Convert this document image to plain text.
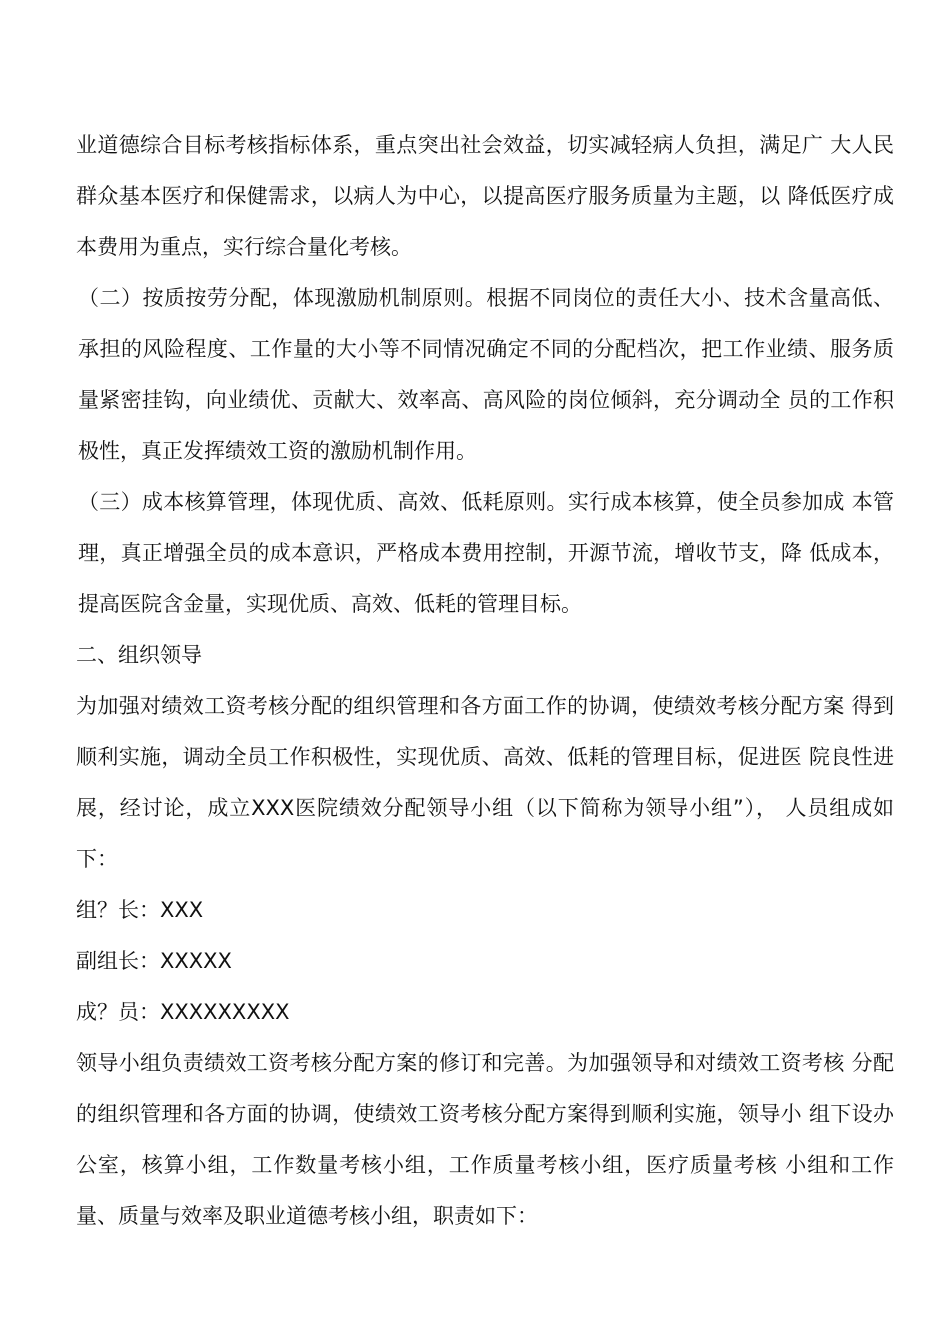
业道德综合目标考核指标体系，重点突出社会效益，切实减轻病人负担，满足广 大人民群众基本医疗和保健需求，以病人为中心，以提高医疗服务质量为主题，以 降低医疗成本费用为重点，实行综合量化考核。

（二）按质按劳分配，体现激励机制原则。根据不同岗位的责任大小、技术含量高低、承担的风险程度、工作量的大小等不同情况确定不同的分配档次，把工作业绩、服务质量紧密挂钩，向业绩优、贡献大、效率高、高风险的岗位倾斜，充分调动全 员的工作积极性，真正发挥绩效工资的激励机制作用。

（三）成本核算管理，体现优质、高效、低耗原则。实行成本核算，使全员参加成 本管理，真正增强全员的成本意识，严格成本费用控制，开源节流，增收节支，降 低成本，提高医院含金量，实现优质、高效、低耗的管理目标。

二、组织领导

为加强对绩效工资考核分配的组织管理和各方面工作的协调，使绩效考核分配方案 得到顺利实施，调动全员工作积极性，实现优质、高效、低耗的管理目标，促进医 院良性进展，经讨论，成立XXX医院绩效分配领导小组（以下简称为领导小组”）， 人员组成如下：

组？长：XXX

副组长：XXXXX

成？员：XXXXXXXXX

领导小组负责绩效工资考核分配方案的修订和完善。为加强领导和对绩效工资考核 分配的组织管理和各方面的协调，使绩效工资考核分配方案得到顺利实施，领导小 组下设办公室，核算小组，工作数量考核小组，工作质量考核小组，医疗质量考核 小组和工作量、质量与效率及职业道德考核小组，职责如下：
